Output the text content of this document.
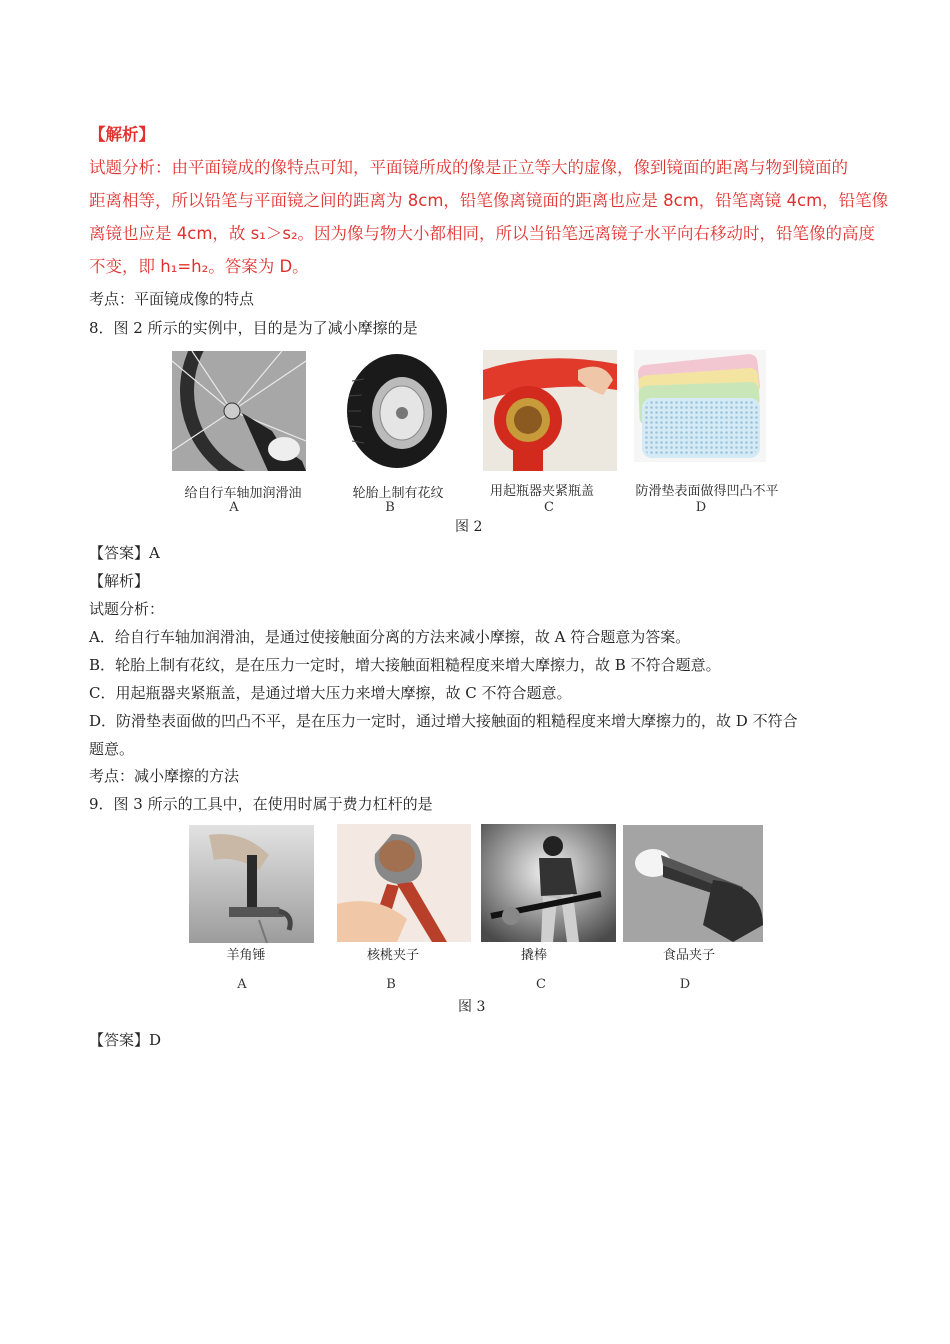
【解析】
试题分析：由平面镜成的像特点可知，平面镜所成的像是正立等大的虚像，像到镜面的距离与物到镜面的
距离相等，所以铅笔与平面镜之间的距离为 8cm，铅笔像离镜面的距离也应是 8cm，铅笔离镜 4cm，铅笔像
离镜也应是 4cm，故 s₁＞s₂。因为像与物大小都相同，所以当铅笔远离镜子水平向右移动时，铅笔像的高度
不变，即 h₁=h₂。答案为 D。
考点：平面镜成像的特点
8．图 2 所示的实例中，目的是为了减小摩擦的是
给自行车轴加润滑油	轮胎上制有花纹	用起瓶器夹紧瓶盖	防滑垫表面做得凹凸不平
A	B	C	D
图 2
【答案】A
【解析】
试题分析：
A．给自行车轴加润滑油，是通过使接触面分离的方法来减小摩擦，故 A 符合题意为答案。
B．轮胎上制有花纹，是在压力一定时，增大接触面粗糙程度来增大摩擦力，故 B 不符合题意。
C．用起瓶器夹紧瓶盖，是通过增大压力来增大摩擦，故 C 不符合题意。
D．防滑垫表面做的凹凸不平，是在压力一定时，通过增大接触面的粗糙程度来增大摩擦力的，故 D 不符合
题意。
考点：减小摩擦的方法
9．图 3 所示的工具中，在使用时属于费力杠杆的是
羊角锤	核桃夹子	撬棒	食品夹子
A	B	C	D
图 3
【答案】D
